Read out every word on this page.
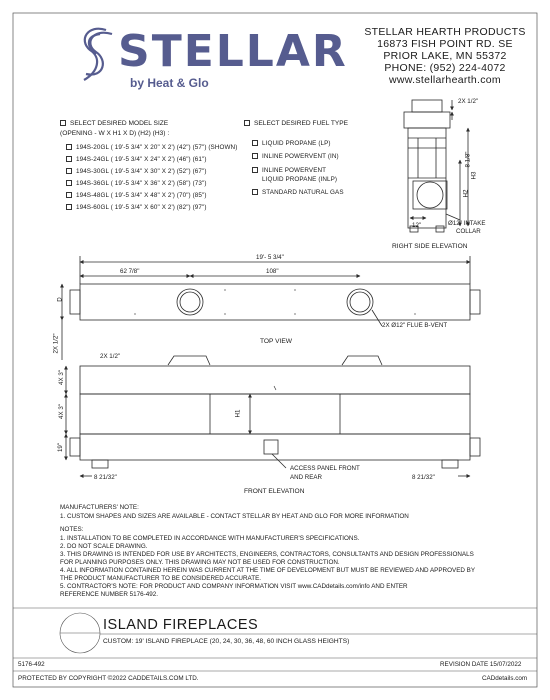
STELLAR
by Heat & Glo
STELLAR HEARTH PRODUCTS
16873 FISH POINT RD. SE
PRIOR LAKE, MN 55372
PHONE: (952) 224-4072
www.stellarhearth.com
SELECT DESIRED MODEL SIZE
(OPENING - W X H1 X D) (H2) (H3) :
194S-20GL ( 19'-5 3/4" X 20" X 2') (42") (57") (SHOWN)
194S-24GL ( 19'-5 3/4" X 24" X 2') (46") (61")
194S-30GL ( 19'-5 3/4" X 30" X 2') (52") (67")
194S-36GL ( 19'-5 3/4" X 36" X 2') (58") (73")
194S-48GL ( 19'-5 3/4" X 48" X 2') (70") (85")
194S-60GL ( 19'-5 3/4" X 60" X 2') (82") (97")
SELECT DESIRED FUEL TYPE
LIQUID PROPANE (LP)
INLINE POWERVENT (IN)
INLINE POWERVENT
LIQUID PROPANE (INLP)
STANDARD NATURAL GAS
2X 1/2"
H3
8 1/8"
H2
12"	Ø12" INTAKE
COLLAR
RIGHT SIDE ELEVATION
19'- 5 3/4"
62 7/8"	108"
D
2X 1/2"
2X Ø12" FLUE B-VENT
TOP VIEW
2X 1/2"
4X 3"
4X 3"	H1
19"
8 21/32"	8 21/32"
ACCESS PANEL FRONT
AND REAR
FRONT ELEVATION
MANUFACTURERS' NOTE:
1. CUSTOM SHAPES AND SIZES ARE AVAILABLE - CONTACT STELLAR BY HEAT AND GLO FOR MORE INFORMATION
NOTES:
1. INSTALLATION TO BE COMPLETED IN ACCORDANCE WITH MANUFACTURER'S SPECIFICATIONS.
2. DO NOT SCALE DRAWING.
3. THIS DRAWING IS INTENDED FOR USE BY ARCHITECTS, ENGINEERS, CONTRACTORS, CONSULTANTS AND DESIGN PROFESSIONALS
FOR PLANNING PURPOSES ONLY. THIS DRAWING MAY NOT BE USED FOR CONSTRUCTION.
4. ALL INFORMATION CONTAINED HEREIN WAS CURRENT AT THE TIME OF DEVELOPMENT BUT MUST BE REVIEWED AND APPROVED BY
THE PRODUCT MANUFACTURER TO BE CONSIDERED ACCURATE.
5. CONTRACTOR'S NOTE: FOR PRODUCT AND COMPANY INFORMATION VISIT www.CADdetails.com/info AND ENTER
REFERENCE NUMBER 5176-492.
ISLAND FIREPLACES
CUSTOM: 19' ISLAND FIREPLACE (20, 24, 30, 36, 48, 60 INCH GLASS HEIGHTS)
5176-492	REVISION DATE 15/07/2022
PROTECTED BY COPYRIGHT ©2022 CADDETAILS.COM LTD.	CADdetails.com
